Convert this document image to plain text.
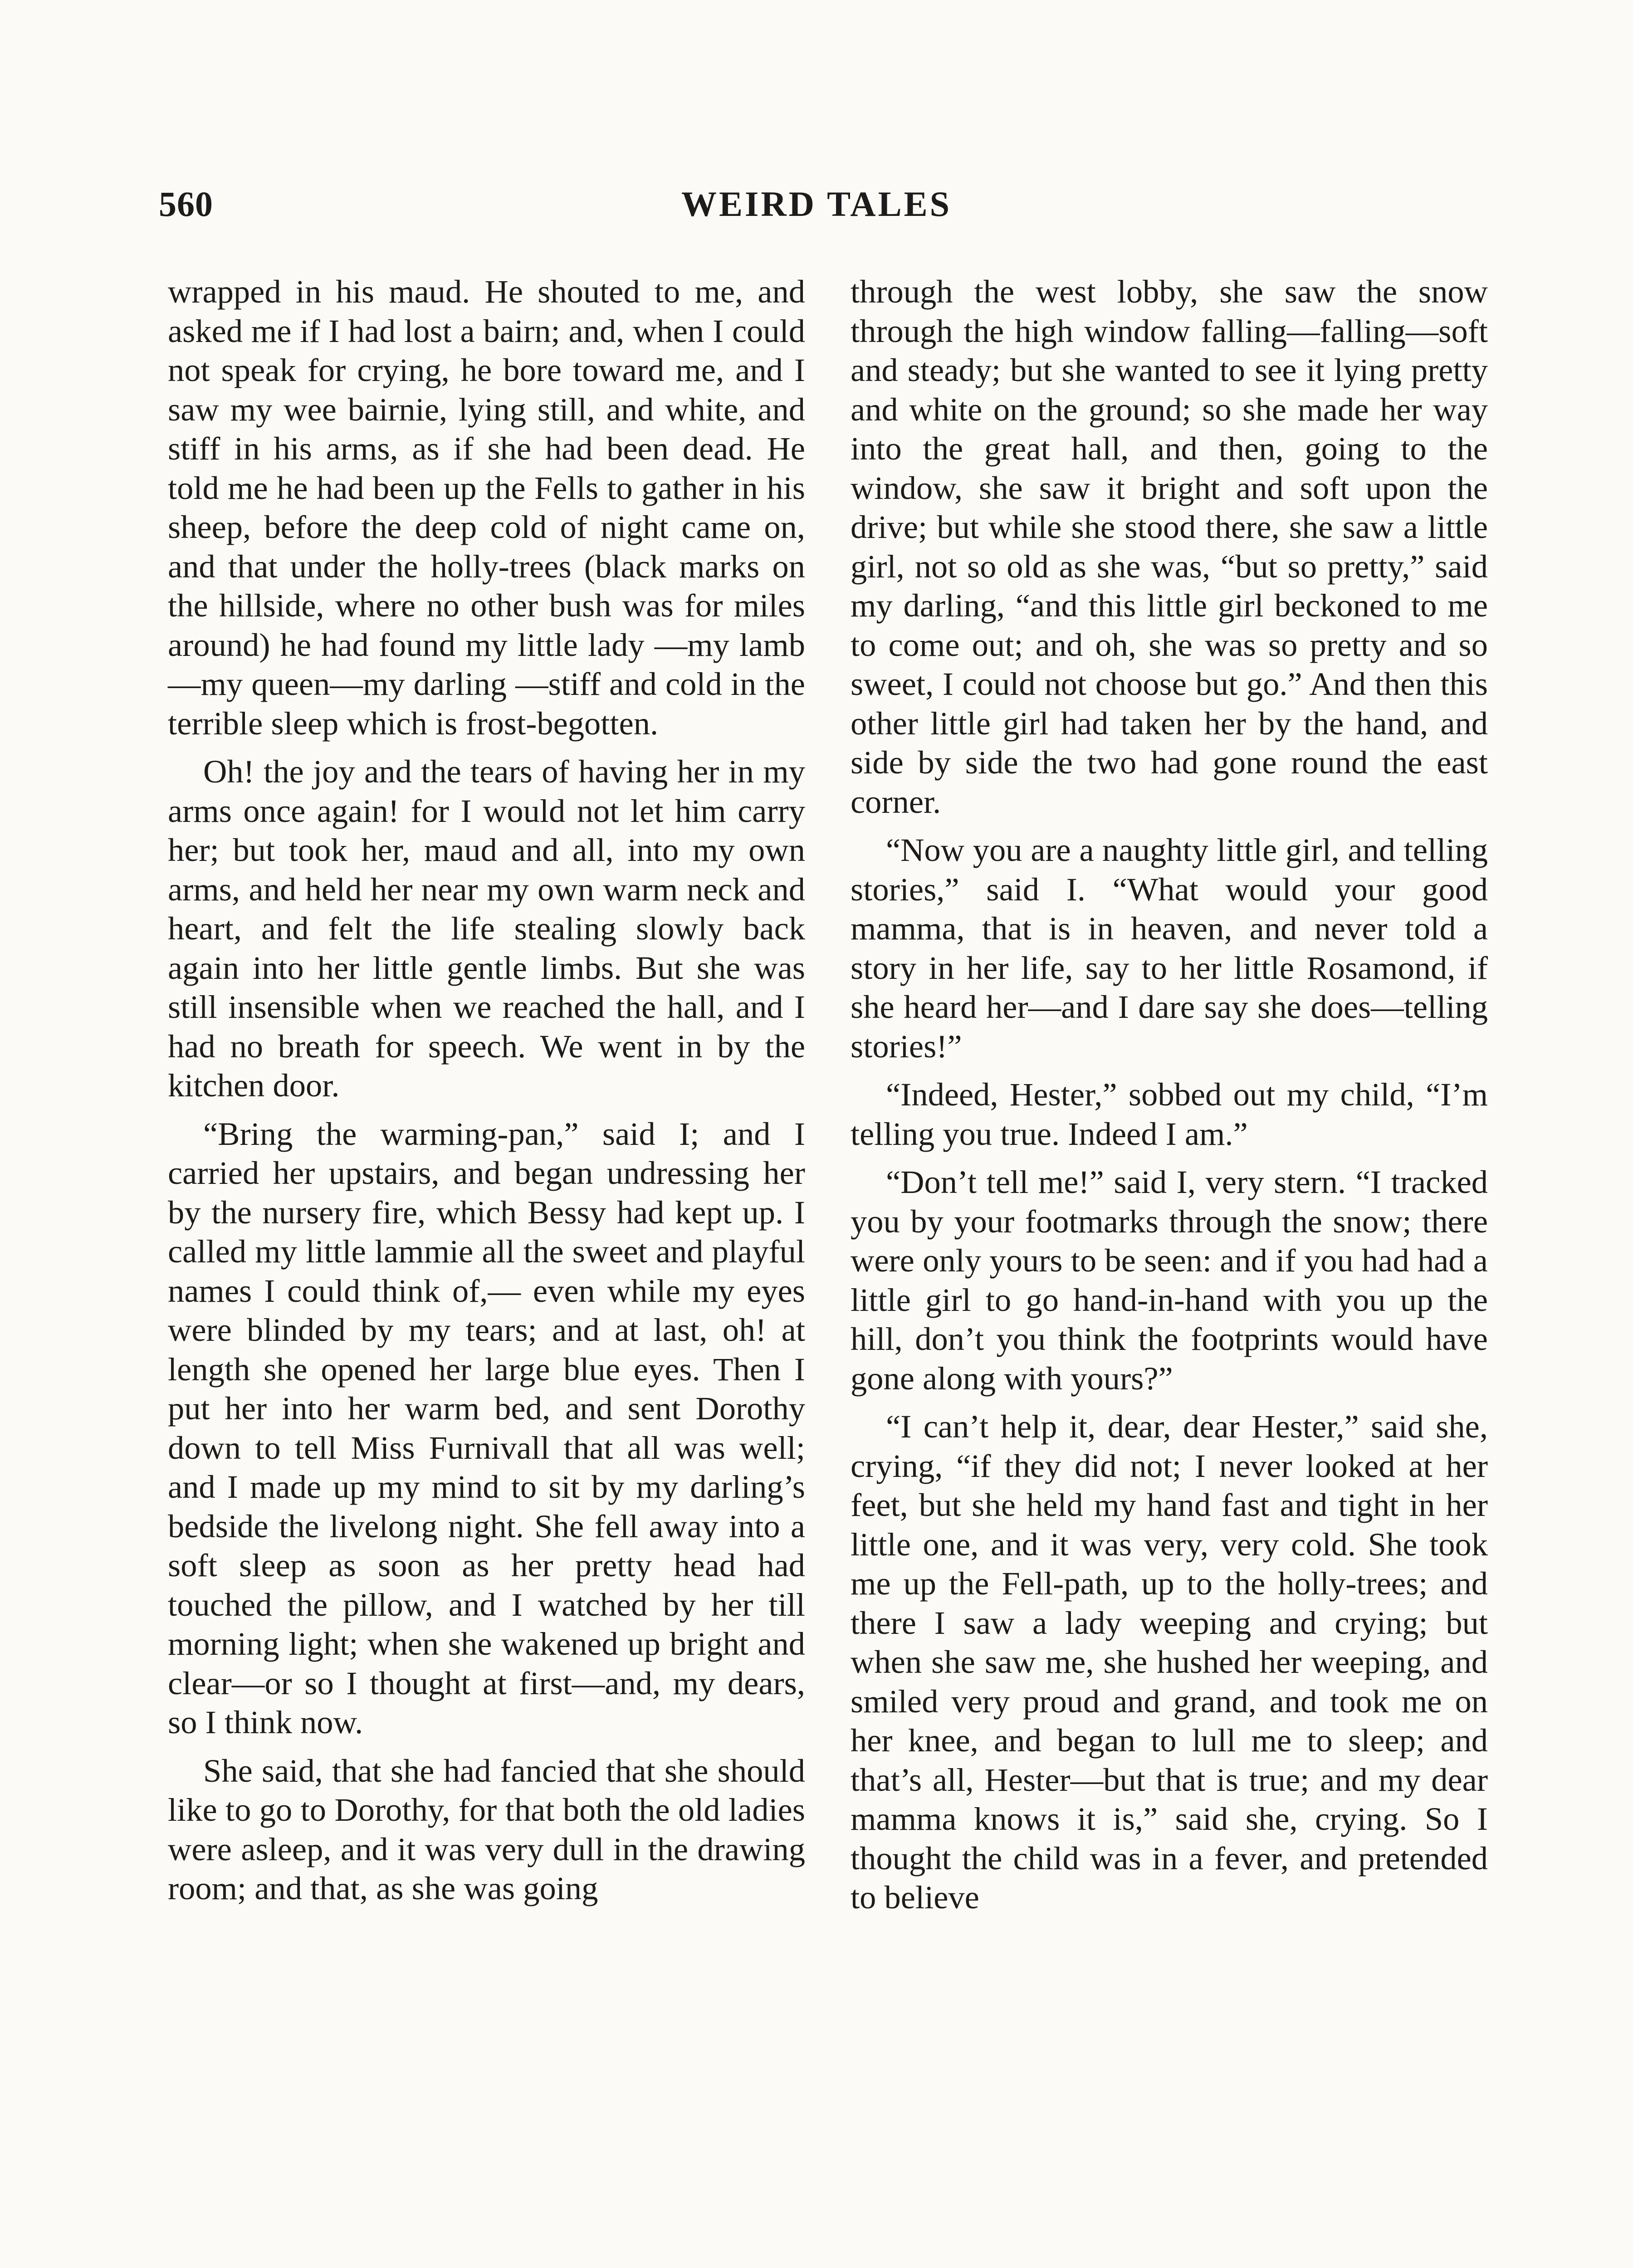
560	WEIRD TALES

wrapped in his maud. He shouted to me, and asked me if I had lost a bairn; and, when I could not speak for crying, he bore toward me, and I saw my wee bairnie, lying still, and white, and stiff in his arms, as if she had been dead. He told me he had been up the Fells to gather in his sheep, before the deep cold of night came on, and that under the holly-trees (black marks on the hillside, where no other bush was for miles around) he had found my little lady —my lamb—my queen—my darling —stiff and cold in the terrible sleep which is frost-begotten.

Oh! the joy and the tears of having her in my arms once again! for I would not let him carry her; but took her, maud and all, into my own arms, and held her near my own warm neck and heart, and felt the life stealing slowly back again into her little gentle limbs. But she was still insensible when we reached the hall, and I had no breath for speech. We went in by the kitchen door.

“Bring the warming-pan,” said I; and I carried her upstairs, and began undressing her by the nursery fire, which Bessy had kept up. I called my little lammie all the sweet and playful names I could think of,— even while my eyes were blinded by my tears; and at last, oh! at length she opened her large blue eyes. Then I put her into her warm bed, and sent Dorothy down to tell Miss Furnivall that all was well; and I made up my mind to sit by my darling’s bedside the livelong night. She fell away into a soft sleep as soon as her pretty head had touched the pillow, and I watched by her till morning light; when she wakened up bright and clear—or so I thought at first—and, my dears, so I think now.

She said, that she had fancied that she should like to go to Dorothy, for that both the old ladies were asleep, and it was very dull in the drawing room; and that, as she was going

through the west lobby, she saw the snow through the high window falling—falling—soft and steady; but she wanted to see it lying pretty and white on the ground; so she made her way into the great hall, and then, going to the window, she saw it bright and soft upon the drive; but while she stood there, she saw a little girl, not so old as she was, “but so pretty,” said my darling, “and this little girl beckoned to me to come out; and oh, she was so pretty and so sweet, I could not choose but go.” And then this other little girl had taken her by the hand, and side by side the two had gone round the east corner.

“Now you are a naughty little girl, and telling stories,” said I. “What would your good mamma, that is in heaven, and never told a story in her life, say to her little Rosamond, if she heard her—and I dare say she does—telling stories!”

“Indeed, Hester,” sobbed out my child, “I’m telling you true. Indeed I am.”

“Don’t tell me!” said I, very stern. “I tracked you by your footmarks through the snow; there were only yours to be seen: and if you had had a little girl to go hand-in-hand with you up the hill, don’t you think the footprints would have gone along with yours?”

“I can’t help it, dear, dear Hester,” said she, crying, “if they did not; I never looked at her feet, but she held my hand fast and tight in her little one, and it was very, very cold. She took me up the Fell-path, up to the holly-trees; and there I saw a lady weeping and crying; but when she saw me, she hushed her weeping, and smiled very proud and grand, and took me on her knee, and began to lull me to sleep; and that’s all, Hester—but that is true; and my dear mamma knows it is,” said she, crying. So I thought the child was in a fever, and pretended to believe
